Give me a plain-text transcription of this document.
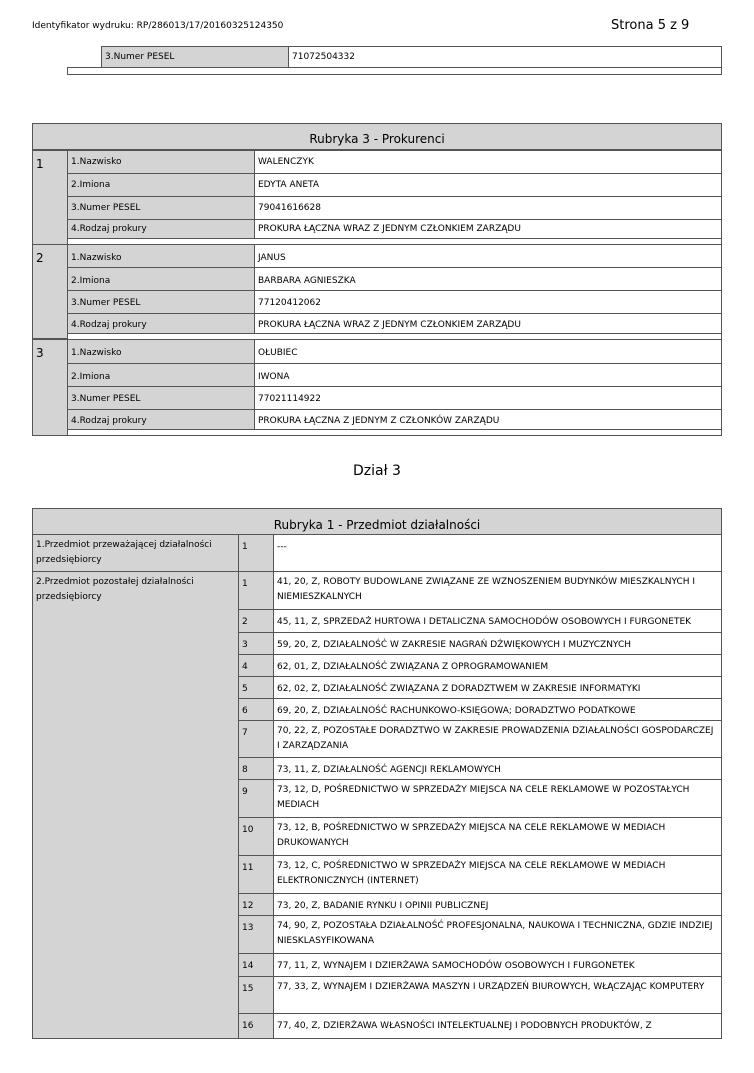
Identyfikator wydruku: RP/286013/17/20160325124350	Strona 5 z 9
3.Numer PESEL	71072504332
Rubryka 3 - Prokurenci
1	1.Nazwisko	WALENCZYK
2.Imiona	EDYTA ANETA
3.Numer PESEL	79041616628
4.Rodzaj prokury	PROKURA ŁĄCZNA WRAZ Z JEDNYM CZŁONKIEM ZARZĄDU
2	1.Nazwisko	JANUS
2.Imiona	BARBARA AGNIESZKA
3.Numer PESEL	77120412062
4.Rodzaj prokury	PROKURA ŁĄCZNA WRAZ Z JEDNYM CZŁONKIEM ZARZĄDU
3	1.Nazwisko	OŁUBIEC
2.Imiona	IWONA
3.Numer PESEL	77021114922
4.Rodzaj prokury	PROKURA ŁĄCZNA Z JEDNYM Z CZŁONKÓW ZARZĄDU
Dział 3
Rubryka 1 - Przedmiot działalności
1.Przedmiot przeważającej działalności przedsiębiorcy
1	---
2.Przedmiot pozostałej działalności przedsiębiorcy
1	41, 20, Z, ROBOTY BUDOWLANE ZWIĄZANE ZE WZNOSZENIEM BUDYNKÓW MIESZKALNYCH I NIEMIESZKALNYCH
2	45, 11, Z, SPRZEDAŻ HURTOWA I DETALICZNA SAMOCHODÓW OSOBOWYCH I FURGONETEK
3	59, 20, Z, DZIAŁALNOŚĆ W ZAKRESIE NAGRAŃ DŹWIĘKOWYCH I MUZYCZNYCH
4	62, 01, Z, DZIAŁALNOŚĆ ZWIĄZANA Z OPROGRAMOWANIEM
5	62, 02, Z, DZIAŁALNOŚĆ ZWIĄZANA Z DORADZTWEM W ZAKRESIE INFORMATYKI
6	69, 20, Z, DZIAŁALNOŚĆ RACHUNKOWO-KSIĘGOWA; DORADZTWO PODATKOWE
7	70, 22, Z, POZOSTAŁE DORADZTWO W ZAKRESIE PROWADZENIA DZIAŁALNOŚCI GOSPODARCZEJ I ZARZĄDZANIA
8	73, 11, Z, DZIAŁALNOŚĆ AGENCJI REKLAMOWYCH
9	73, 12, D, POŚREDNICTWO W SPRZEDAŻY MIEJSCA NA CELE REKLAMOWE W POZOSTAŁYCH MEDIACH
10	73, 12, B, POŚREDNICTWO W SPRZEDAŻY MIEJSCA NA CELE REKLAMOWE W MEDIACH DRUKOWANYCH
11	73, 12, C, POŚREDNICTWO W SPRZEDAŻY MIEJSCA NA CELE REKLAMOWE W MEDIACH ELEKTRONICZNYCH (INTERNET)
12	73, 20, Z, BADANIE RYNKU I OPINII PUBLICZNEJ
13	74, 90, Z, POZOSTAŁA DZIAŁALNOŚĆ PROFESJONALNA, NAUKOWA I TECHNICZNA, GDZIE INDZIEJ NIESKLASYFIKOWANA
14	77, 11, Z, WYNAJEM I DZIERŻAWA SAMOCHODÓW OSOBOWYCH I FURGONETEK
15	77, 33, Z, WYNAJEM I DZIERŻAWA MASZYN I URZĄDZEŃ BIUROWYCH, WŁĄCZAJĄC KOMPUTERY
16	77, 40, Z, DZIERŻAWA WŁASNOŚCI INTELEKTUALNEJ I PODOBNYCH PRODUKTÓW, Z
